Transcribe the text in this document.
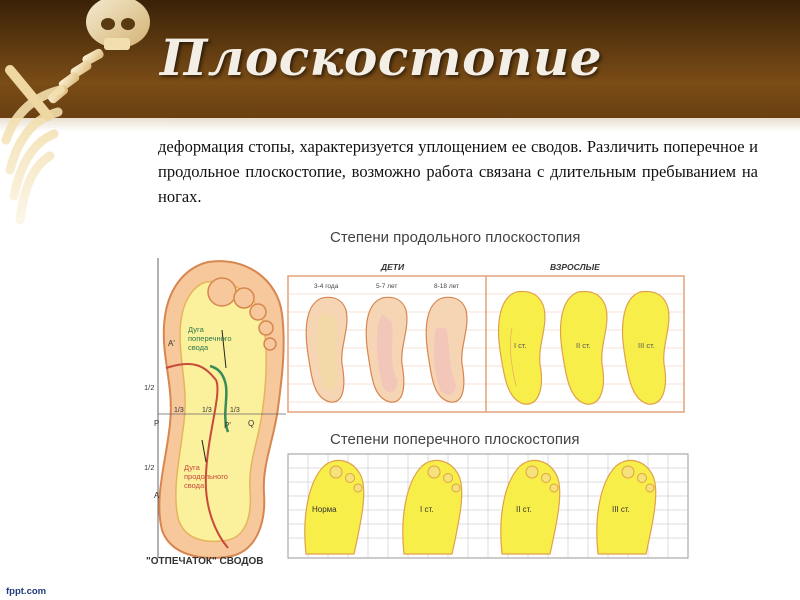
Плоскостопие
деформация стопы, характеризуется уплощением ее сводов. Различить поперечное и продольное плоскостопие, возможно работа связана с длительным пребыванием на ногах.
Дуга поперечного свода
Дуга продольного свода
A'
1/2
1/2
1/3	1/3	1/3
P	P' Q
A
"ОТПЕЧАТОК" СВОДОВ
Степени продольного плоскостопия
ДЕТИ	ВЗРОСЛЫЕ
3-4 года	5-7 лет	8-18 лет
I ст.	II ст.	III ст.
Степени поперечного плоскостопия
Норма	I ст.	II ст.	III ст.
fppt.com
